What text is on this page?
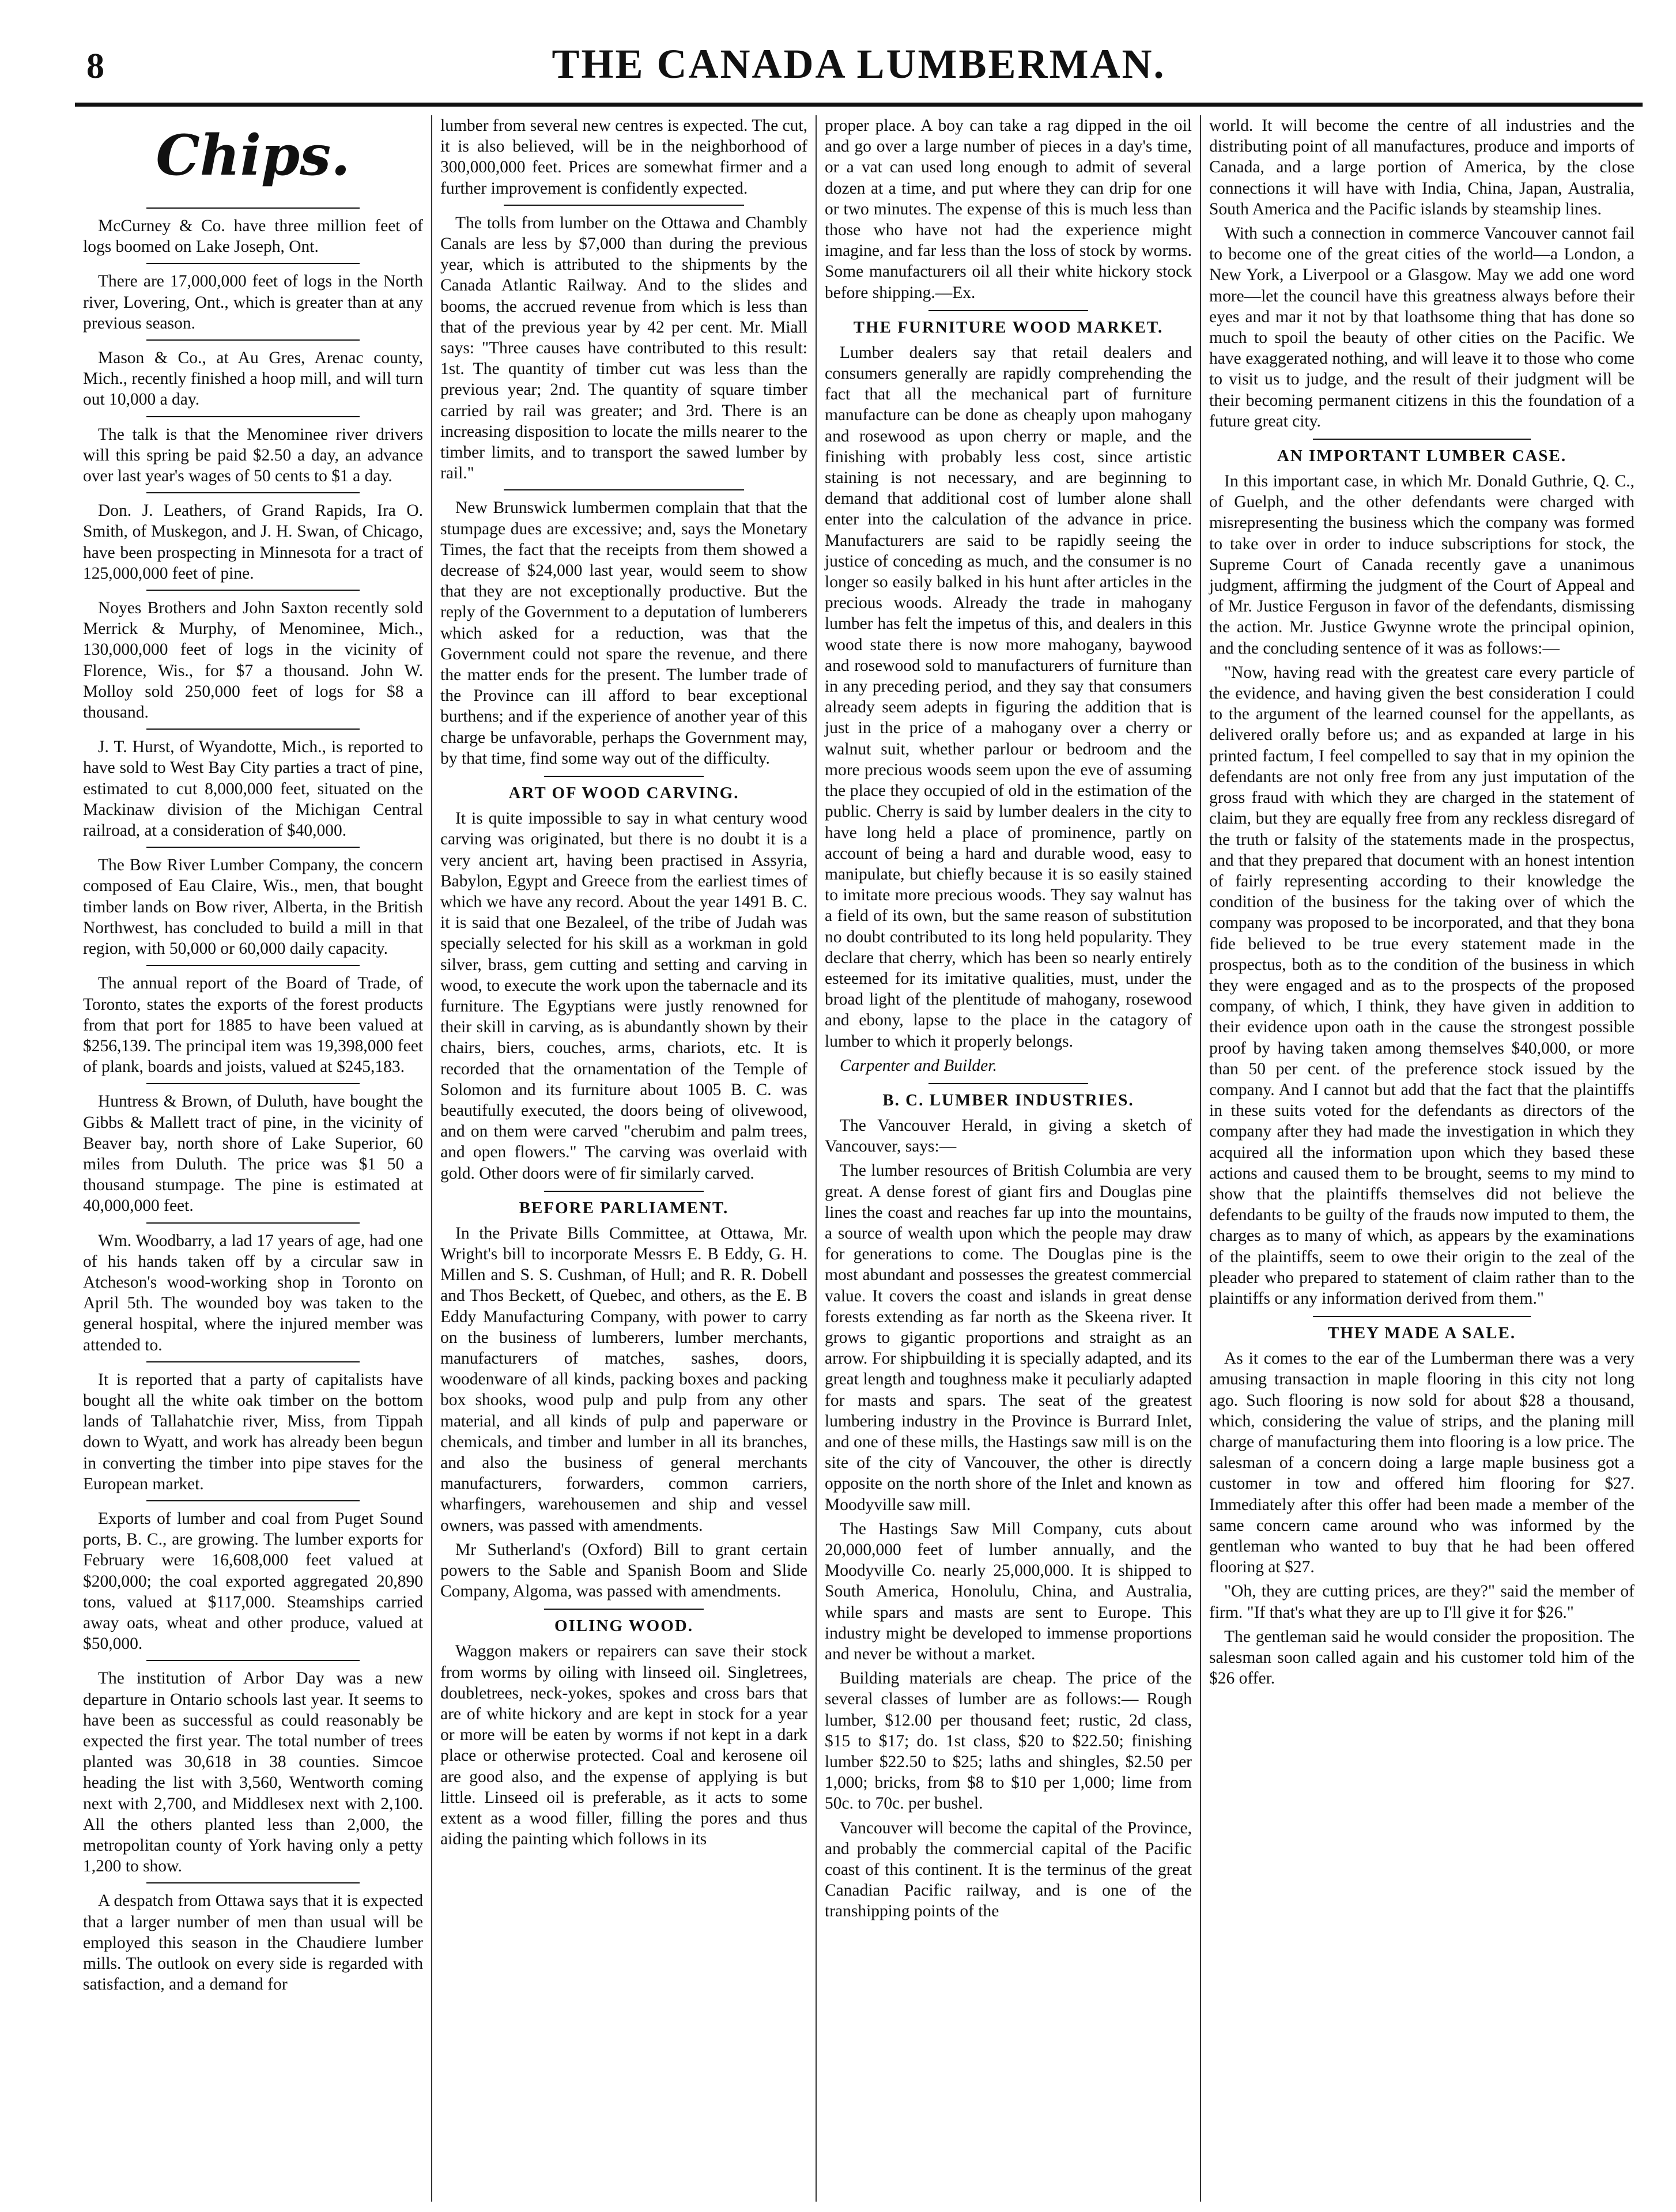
8	THE CANADA LUMBERMAN.
Chips.

McCurney & Co. have three million feet of logs boomed on Lake Joseph, Ont.

There are 17,000,000 feet of logs in the North river, Lovering, Ont., which is greater than at any previous season.

Mason & Co., at Au Gres, Arenac county, Mich., recently finished a hoop mill, and will turn out 10,000 a day.

The talk is that the Menominee river drivers will this spring be paid $2.50 a day, an advance over last year's wages of 50 cents to $1 a day.

Don. J. Leathers, of Grand Rapids, Ira O. Smith, of Muskegon, and J. H. Swan, of Chicago, have been prospecting in Minnesota for a tract of 125,000,000 feet of pine.

Noyes Brothers and John Saxton recently sold Merrick & Murphy, of Menominee, Mich., 130,000,000 feet of logs in the vicinity of Florence, Wis., for $7 a thousand. John W. Molloy sold 250,000 feet of logs for $8 a thousand.

J. T. Hurst, of Wyandotte, Mich., is reported to have sold to West Bay City parties a tract of pine, estimated to cut 8,000,000 feet, situated on the Mackinaw division of the Michigan Central railroad, at a consideration of $40,000.

The Bow River Lumber Company, the concern composed of Eau Claire, Wis., men, that bought timber lands on Bow river, Alberta, in the British Northwest, has concluded to build a mill in that region, with 50,000 or 60,000 daily capacity.

The annual report of the Board of Trade, of Toronto, states the exports of the forest products from that port for 1885 to have been valued at $256,139. The principal item was 19,398,000 feet of plank, boards and joists, valued at $245,183.

Huntress & Brown, of Duluth, have bought the Gibbs & Mallett tract of pine, in the vicinity of Beaver bay, north shore of Lake Superior, 60 miles from Duluth. The price was $1 50 a thousand stumpage. The pine is estimated at 40,000,000 feet.

Wm. Woodbarry, a lad 17 years of age, had one of his hands taken off by a circular saw in Atcheson's wood-working shop in Toronto on April 5th. The wounded boy was taken to the general hospital, where the injured member was attended to.

It is reported that a party of capitalists have bought all the white oak timber on the bottom lands of Tallahatchie river, Miss, from Tippah down to Wyatt, and work has already been begun in converting the timber into pipe staves for the European market.

Exports of lumber and coal from Puget Sound ports, B. C., are growing. The lumber exports for February were 16,608,000 feet valued at $200,000; the coal exported aggregated 20,890 tons, valued at $117,000. Steamships carried away oats, wheat and other produce, valued at $50,000.

The institution of Arbor Day was a new departure in Ontario schools last year. It seems to have been as successful as could reasonably be expected the first year. The total number of trees planted was 30,618 in 38 counties. Simcoe heading the list with 3,560, Wentworth coming next with 2,700, and Middlesex next with 2,100. All the others planted less than 2,000, the metropolitan county of York having only a petty 1,200 to show.

A despatch from Ottawa says that it is expected that a larger number of men than usual will be employed this season in the Chaudiere lumber mills. The outlook on every side is regarded with satisfaction, and a demand for

lumber from several new centres is expected. The cut, it is also believed, will be in the neighborhood of 300,000,000 feet. Prices are somewhat firmer and a further improvement is confidently expected.

The tolls from lumber on the Ottawa and Chambly Canals are less by $7,000 than during the previous year, which is attributed to the shipments by the Canada Atlantic Railway. And to the slides and booms, the accrued revenue from which is less than that of the previous year by 42 per cent. Mr. Miall says: "Three causes have contributed to this result: 1st. The quantity of timber cut was less than the previous year; 2nd. The quantity of square timber carried by rail was greater; and 3rd. There is an increasing disposition to locate the mills nearer to the timber limits, and to transport the sawed lumber by rail."

New Brunswick lumbermen complain that that the stumpage dues are excessive; and, says the Monetary Times, the fact that the receipts from them showed a decrease of $24,000 last year, would seem to show that they are not exceptionally productive. But the reply of the Government to a deputation of lumberers which asked for a reduction, was that the Government could not spare the revenue, and there the matter ends for the present. The lumber trade of the Province can ill afford to bear exceptional burthens; and if the experience of another year of this charge be unfavorable, perhaps the Government may, by that time, find some way out of the difficulty.

ART OF WOOD CARVING.

It is quite impossible to say in what century wood carving was originated, but there is no doubt it is a very ancient art, having been practised in Assyria, Babylon, Egypt and Greece from the earliest times of which we have any record. About the year 1491 B. C. it is said that one Bezaleel, of the tribe of Judah was specially selected for his skill as a workman in gold silver, brass, gem cutting and setting and carving in wood, to execute the work upon the tabernacle and its furniture. The Egyptians were justly renowned for their skill in carving, as is abundantly shown by their chairs, biers, couches, arms, chariots, etc. It is recorded that the ornamentation of the Temple of Solomon and its furniture about 1005 B. C. was beautifully executed, the doors being of olivewood, and on them were carved "cherubim and palm trees, and open flowers." The carving was overlaid with gold. Other doors were of fir similarly carved.

BEFORE PARLIAMENT.

In the Private Bills Committee, at Ottawa, Mr. Wright's bill to incorporate Messrs E. B Eddy, G. H. Millen and S. S. Cushman, of Hull; and R. R. Dobell and Thos Beckett, of Quebec, and others, as the E. B Eddy Manufacturing Company, with power to carry on the business of lumberers, lumber merchants, manufacturers of matches, sashes, doors, woodenware of all kinds, packing boxes and packing box shooks, wood pulp and pulp from any other material, and all kinds of pulp and paperware or chemicals, and timber and lumber in all its branches, and also the business of general merchants manufacturers, forwarders, common carriers, wharfingers, warehousemen and ship and vessel owners, was passed with amendments.

Mr Sutherland's (Oxford) Bill to grant certain powers to the Sable and Spanish Boom and Slide Company, Algoma, was passed with amendments.

OILING WOOD.

Waggon makers or repairers can save their stock from worms by oiling with linseed oil. Singletrees, doubletrees, neck-yokes, spokes and cross bars that are of white hickory and are kept in stock for a year or more will be eaten by worms if not kept in a dark place or otherwise protected. Coal and kerosene oil are good also, and the expense of applying is but little. Linseed oil is preferable, as it acts to some extent as a wood filler, filling the pores and thus aiding the painting which follows in its

proper place. A boy can take a rag dipped in the oil and go over a large number of pieces in a day's time, or a vat can used long enough to admit of several dozen at a time, and put where they can drip for one or two minutes. The expense of this is much less than those who have not had the experience might imagine, and far less than the loss of stock by worms. Some manufacturers oil all their white hickory stock before shipping.—Ex.

THE FURNITURE WOOD MARKET.

Lumber dealers say that retail dealers and consumers generally are rapidly comprehending the fact that all the mechanical part of furniture manufacture can be done as cheaply upon mahogany and rosewood as upon cherry or maple, and the finishing with probably less cost, since artistic staining is not necessary, and are beginning to demand that additional cost of lumber alone shall enter into the calculation of the advance in price. Manufacturers are said to be rapidly seeing the justice of conceding as much, and the consumer is no longer so easily balked in his hunt after articles in the precious woods. Already the trade in mahogany lumber has felt the impetus of this, and dealers in this wood state there is now more mahogany, baywood and rosewood sold to manufacturers of furniture than in any preceding period, and they say that consumers already seem adepts in figuring the addition that is just in the price of a mahogany over a cherry or walnut suit, whether parlour or bedroom and the more precious woods seem upon the eve of assuming the place they occupied of old in the estimation of the public. Cherry is said by lumber dealers in the city to have long held a place of prominence, partly on account of being a hard and durable wood, easy to manipulate, but chiefly because it is so easily stained to imitate more precious woods. They say walnut has a field of its own, but the same reason of substitution no doubt contributed to its long held popularity. They declare that cherry, which has been so nearly entirely esteemed for its imitative qualities, must, under the broad light of the plentitude of mahogany, rosewood and ebony, lapse to the place in the catagory of lumber to which it properly belongs.

Carpenter and Builder.

B. C. LUMBER INDUSTRIES.

The Vancouver Herald, in giving a sketch of Vancouver, says:—

The lumber resources of British Columbia are very great. A dense forest of giant firs and Douglas pine lines the coast and reaches far up into the mountains, a source of wealth upon which the people may draw for generations to come. The Douglas pine is the most abundant and possesses the greatest commercial value. It covers the coast and islands in great dense forests extending as far north as the Skeena river. It grows to gigantic proportions and straight as an arrow. For shipbuilding it is specially adapted, and its great length and toughness make it peculiarly adapted for masts and spars. The seat of the greatest lumbering industry in the Province is Burrard Inlet, and one of these mills, the Hastings saw mill is on the site of the city of Vancouver, the other is directly opposite on the north shore of the Inlet and known as Moodyville saw mill.

The Hastings Saw Mill Company, cuts about 20,000,000 feet of lumber annually, and the Moodyville Co. nearly 25,000,000. It is shipped to South America, Honolulu, China, and Australia, while spars and masts are sent to Europe. This industry might be developed to immense proportions and never be without a market.

Building materials are cheap. The price of the several classes of lumber are as follows:— Rough lumber, $12.00 per thousand feet; rustic, 2d class, $15 to $17; do. 1st class, $20 to $22.50; finishing lumber $22.50 to $25; laths and shingles, $2.50 per 1,000; bricks, from $8 to $10 per 1,000; lime from 50c. to 70c. per bushel.

Vancouver will become the capital of the Province, and probably the commercial capital of the Pacific coast of this continent. It is the terminus of the great Canadian Pacific railway, and is one of the transhipping points of the

world. It will become the centre of all industries and the distributing point of all manufactures, produce and imports of Canada, and a large portion of America, by the close connections it will have with India, China, Japan, Australia, South America and the Pacific islands by steamship lines.

With such a connection in commerce Vancouver cannot fail to become one of the great cities of the world—a London, a New York, a Liverpool or a Glasgow. May we add one word more—let the council have this greatness always before their eyes and mar it not by that loathsome thing that has done so much to spoil the beauty of other cities on the Pacific. We have exaggerated nothing, and will leave it to those who come to visit us to judge, and the result of their judgment will be their becoming permanent citizens in this the foundation of a future great city.

AN IMPORTANT LUMBER CASE.

In this important case, in which Mr. Donald Guthrie, Q. C., of Guelph, and the other defendants were charged with misrepresenting the business which the company was formed to take over in order to induce subscriptions for stock, the Supreme Court of Canada recently gave a unanimous judgment, affirming the judgment of the Court of Appeal and of Mr. Justice Ferguson in favor of the defendants, dismissing the action. Mr. Justice Gwynne wrote the principal opinion, and the concluding sentence of it was as follows:—

"Now, having read with the greatest care every particle of the evidence, and having given the best consideration I could to the argument of the learned counsel for the appellants, as delivered orally before us; and as expanded at large in his printed factum, I feel compelled to say that in my opinion the defendants are not only free from any just imputation of the gross fraud with which they are charged in the statement of claim, but they are equally free from any reckless disregard of the truth or falsity of the statements made in the prospectus, and that they prepared that document with an honest intention of fairly representing according to their knowledge the condition of the business for the taking over of which the company was proposed to be incorporated, and that they bona fide believed to be true every statement made in the prospectus, both as to the condition of the business in which they were engaged and as to the prospects of the proposed company, of which, I think, they have given in addition to their evidence upon oath in the cause the strongest possible proof by having taken among themselves $40,000, or more than 50 per cent. of the preference stock issued by the company. And I cannot but add that the fact that the plaintiffs in these suits voted for the defendants as directors of the company after they had made the investigation in which they acquired all the information upon which they based these actions and caused them to be brought, seems to my mind to show that the plaintiffs themselves did not believe the defendants to be guilty of the frauds now imputed to them, the charges as to many of which, as appears by the examinations of the plaintiffs, seem to owe their origin to the zeal of the pleader who prepared to statement of claim rather than to the plaintiffs or any information derived from them."

THEY MADE A SALE.

As it comes to the ear of the Lumberman there was a very amusing transaction in maple flooring in this city not long ago. Such flooring is now sold for about $28 a thousand, which, considering the value of strips, and the planing mill charge of manufacturing them into flooring is a low price. The salesman of a concern doing a large maple business got a customer in tow and offered him flooring for $27. Immediately after this offer had been made a member of the same concern came around who was informed by the gentleman who wanted to buy that he had been offered flooring at $27.

"Oh, they are cutting prices, are they?" said the member of firm. "If that's what they are up to I'll give it for $26."

The gentleman said he would consider the proposition. The salesman soon called again and his customer told him of the $26 offer.
